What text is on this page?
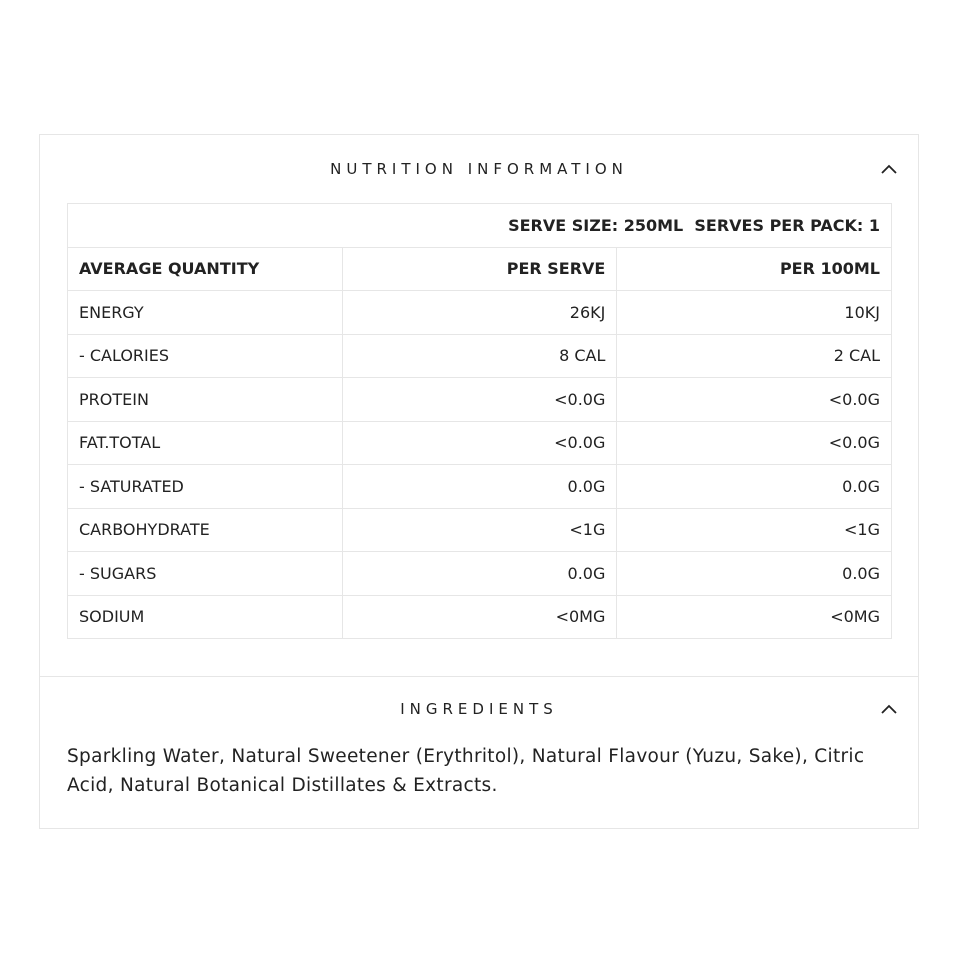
NUTRITION INFORMATION
SERVE SIZE: 250ML  SERVES PER PACK: 1		
AVERAGE QUANTITY	PER SERVE	PER 100ML
ENERGY	26KJ	10KJ
- CALORIES	8 CAL	2 CAL
PROTEIN	<0.0G	<0.0G
FAT.TOTAL	<0.0G	<0.0G
- SATURATED	0.0G	0.0G
CARBOHYDRATE	<1G	<1G
- SUGARS	0.0G	0.0G
SODIUM	<0MG	<0MG
INGREDIENTS

Sparkling Water, Natural Sweetener (Erythritol), Natural Flavour (Yuzu, Sake), Citric Acid, Natural Botanical Distillates & Extracts.
